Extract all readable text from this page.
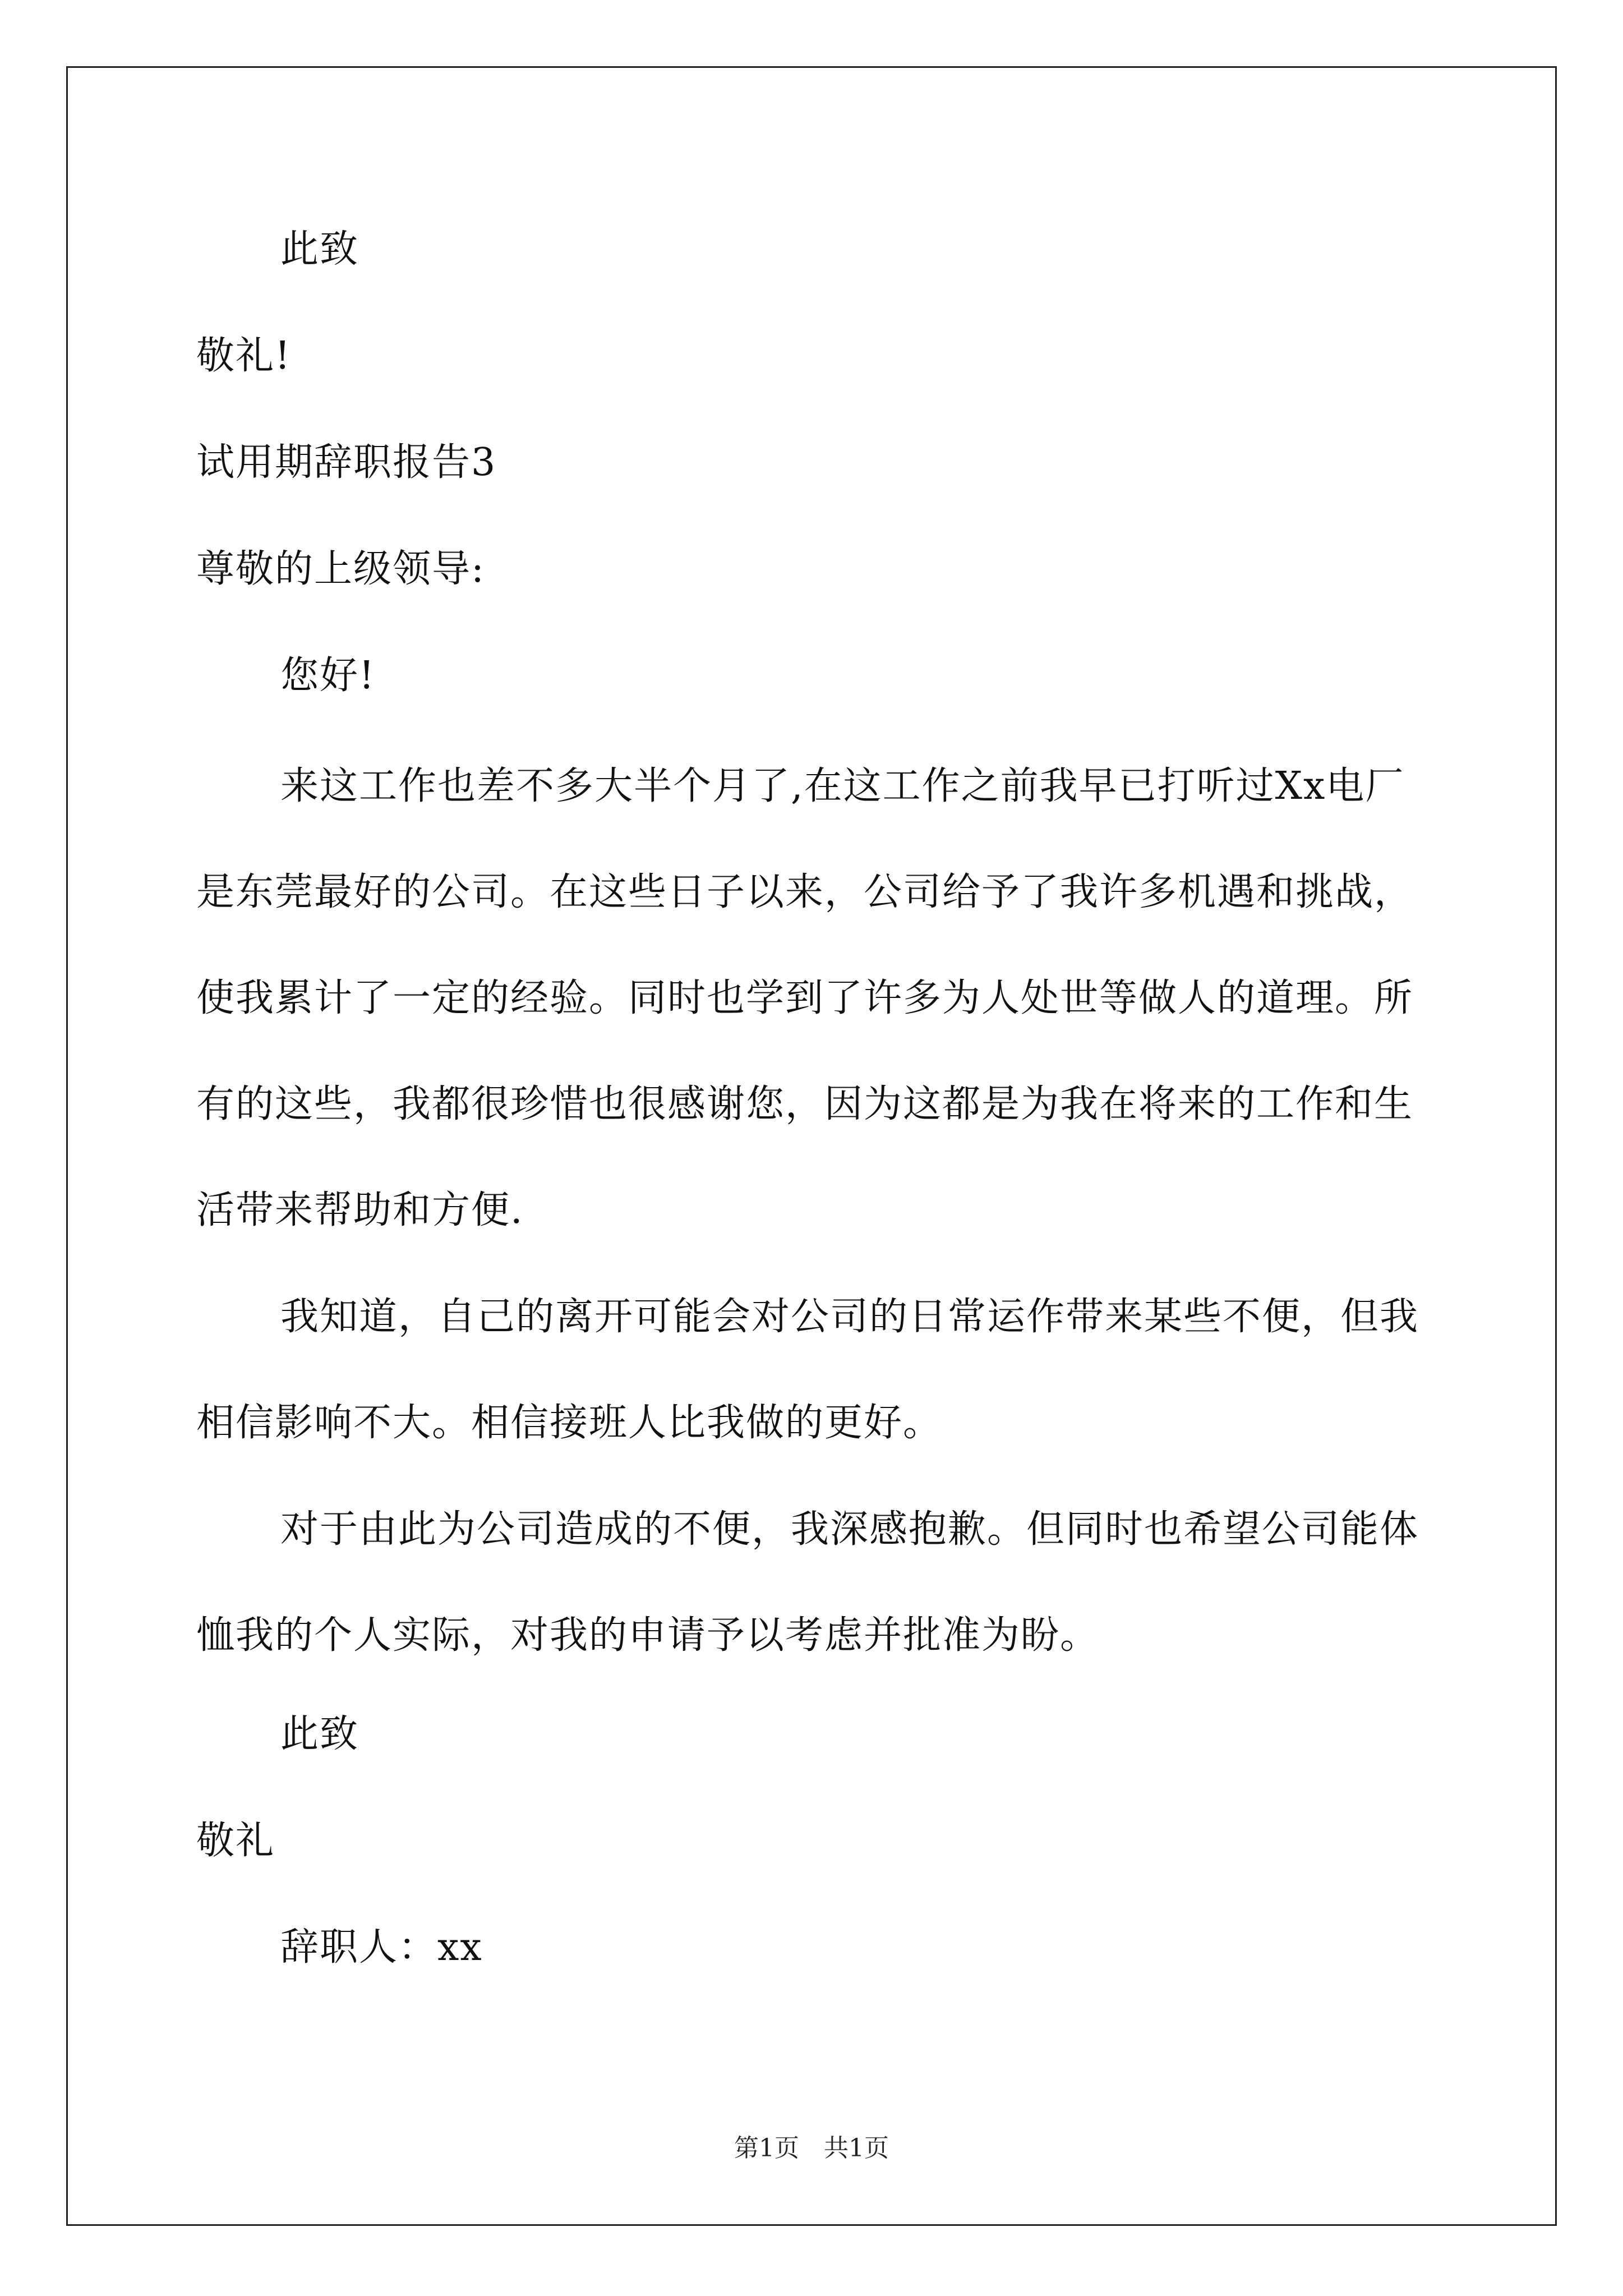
此致
敬礼!
试用期辞职报告3
尊敬的上级领导:
您好!

来这工作也差不多大半个月了,在这工作之前我早已打听过Xx电厂是东莞最好的公司。在这些日子以来，公司给予了我许多机遇和挑战，使我累计了一定的经验。同时也学到了许多为人处世等做人的道理。所有的这些，我都很珍惜也很感谢您，因为这都是为我在将来的工作和生活带来帮助和方便.

我知道，自己的离开可能会对公司的日常运作带来某些不便，但我相信影响不大。相信接班人比我做的更好。

对于由此为公司造成的不便，我深感抱歉。但同时也希望公司能体恤我的个人实际，对我的申请予以考虑并批准为盼。

此致
敬礼
辞职人：xx
第1页　共1页
